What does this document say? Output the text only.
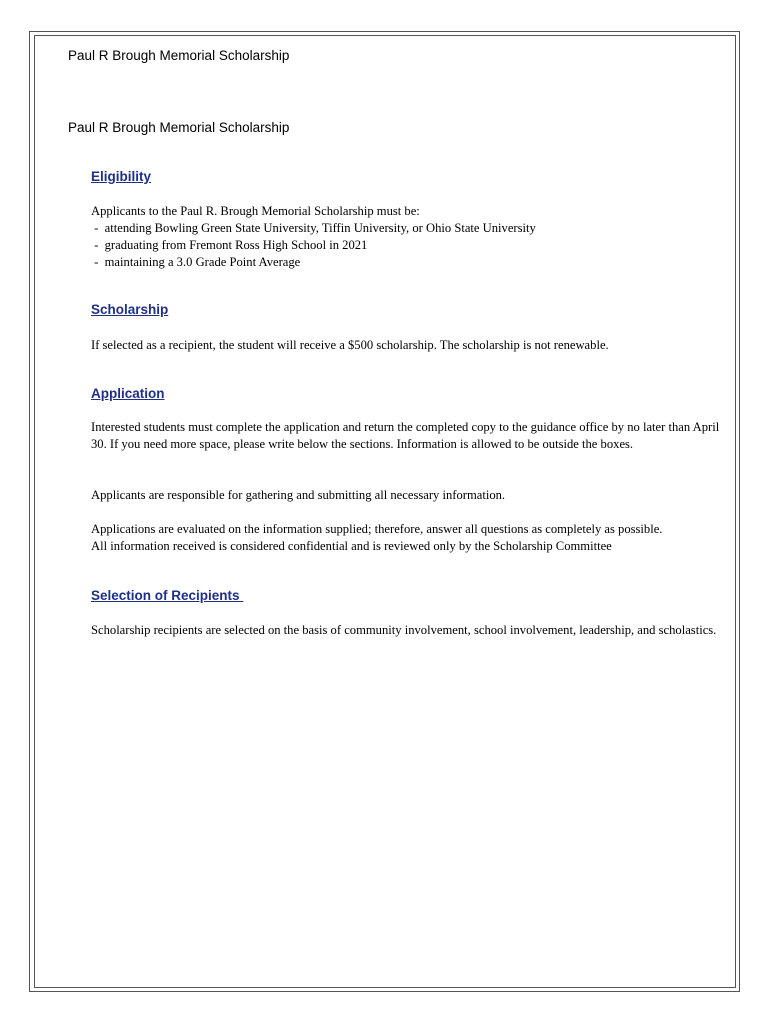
Paul R Brough Memorial Scholarship
Paul R Brough Memorial Scholarship
Eligibility
Applicants to the Paul R. Brough Memorial Scholarship must be:
-  attending Bowling Green State University, Tiffin University, or Ohio State University
-  graduating from Fremont Ross High School in 2021
-  maintaining a 3.0 Grade Point Average
Scholarship
If selected as a recipient, the student will receive a $500 scholarship. The scholarship is not renewable.
Application
Interested students must complete the application and return the completed copy to the guidance office by no later than April 30. If you need more space, please write below the sections. Information is allowed to be outside the boxes.
Applicants are responsible for gathering and submitting all necessary information.
Applications are evaluated on the information supplied; therefore, answer all questions as completely as possible.
All information received is considered confidential and is reviewed only by the Scholarship Committee
Selection of Recipients
Scholarship recipients are selected on the basis of community involvement, school involvement, leadership, and scholastics.
